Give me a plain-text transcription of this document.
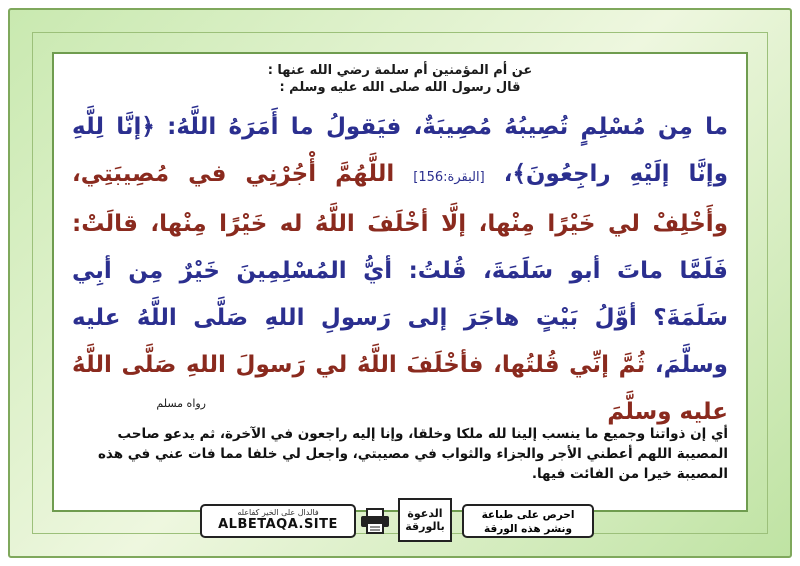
عن أم المؤمنين أم سلمة رضي الله عنها :
قال رسول الله صلى الله عليه وسلم :
ما مِن مُسْلِمٍ تُصِيبُهُ مُصِيبَةٌ، فيَقولُ ما أَمَرَهُ اللَّهُ: ﴿إنَّا لِلَّهِ وإنَّا إلَيْهِ راجِعُونَ﴾، [البقرة:156] اللَّهُمَّ أْجُرْنِي في مُصِيبَتِي، وأَخْلِفْ لي خَيْرًا مِنْها، إلَّا أخْلَفَ اللَّهُ له خَيْرًا مِنْها، قالَتْ: فَلَمَّا ماتَ أبو سَلَمَةَ، قُلتُ: أيُّ المُسْلِمِينَ خَيْرٌ مِن أبِي سَلَمَةَ؟ أوَّلُ بَيْتٍ هاجَرَ إلى رَسولِ اللهِ صَلَّى اللَّهُ عليه وسلَّمَ، ثُمَّ إنِّي قُلتُها، فأخْلَفَ اللَّهُ لي رَسولَ اللهِ صَلَّى اللَّهُ عليه وسلَّمَ
رواه مسلم
أي إن ذواتنا وجميع ما ينسب إلينا لله ملكا وخلقا، وإنا إليه راجعون في الآخرة، ثم يدعو صاحب المصيبة اللهم أعطني الأجر والجزاء والثواب في مصيبتي، واجعل لي خلفا مما فات عني في هذه المصيبة خيرا من الفائت فيها.
فالدال على الخير كفاعله
ALBETAQA.SITE
الدعوة
بالورقة
احرص على طباعة
ونشر هذه الورقة
